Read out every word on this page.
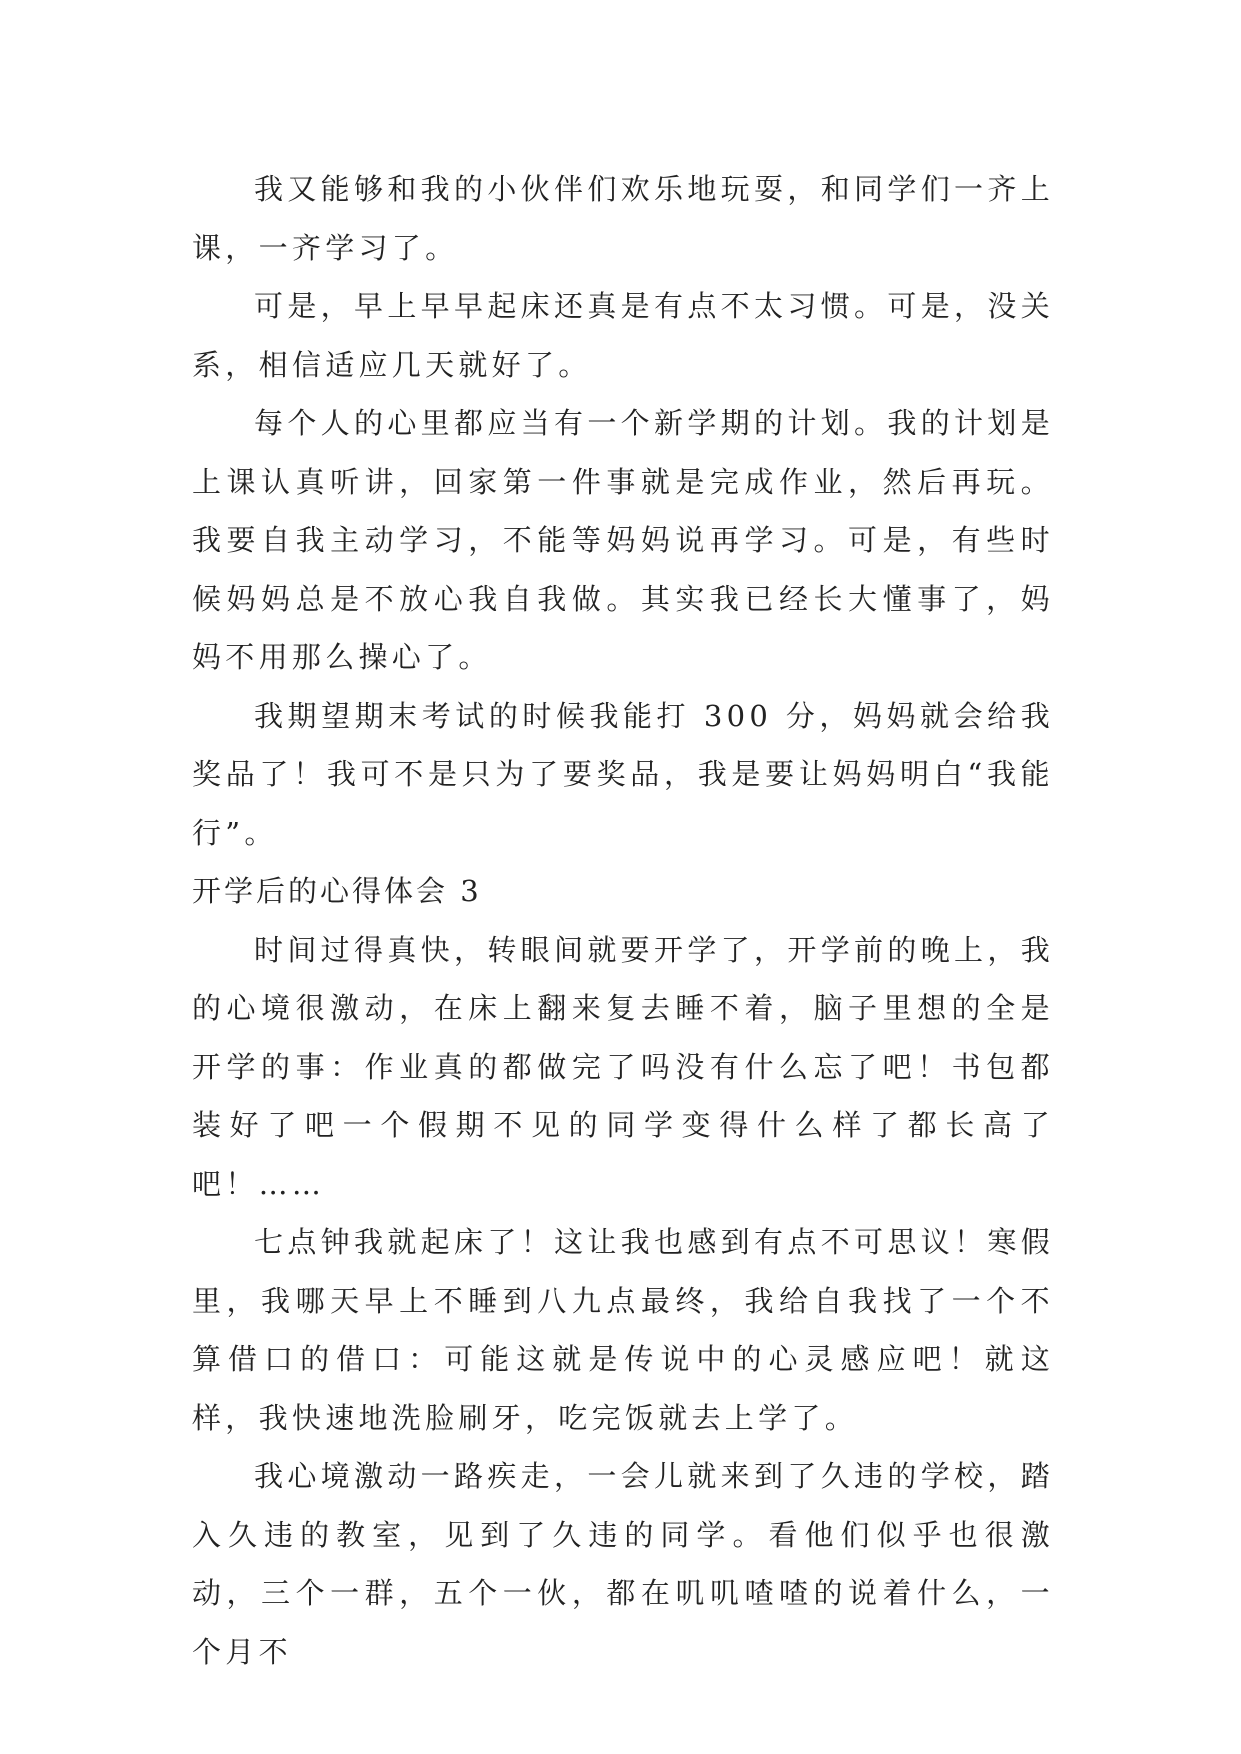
我又能够和我的小伙伴们欢乐地玩耍，和同学们一齐上课，一齐学习了。

可是，早上早早起床还真是有点不太习惯。可是，没关系，相信适应几天就好了。

每个人的心里都应当有一个新学期的计划。我的计划是上课认真听讲，回家第一件事就是完成作业，然后再玩。我要自我主动学习，不能等妈妈说再学习。可是，有些时候妈妈总是不放心我自我做。其实我已经长大懂事了，妈妈不用那么操心了。

我期望期末考试的时候我能打 300 分，妈妈就会给我奖品了！我可不是只为了要奖品，我是要让妈妈明白“我能行”。

开学后的心得体会 3

时间过得真快，转眼间就要开学了，开学前的晚上，我的心境很激动，在床上翻来复去睡不着，脑子里想的全是开学的事：作业真的都做完了吗没有什么忘了吧！书包都装好了吧一个假期不见的同学变得什么样了都长高了吧！……

七点钟我就起床了！这让我也感到有点不可思议！寒假里，我哪天早上不睡到八九点最终，我给自我找了一个不算借口的借口：可能这就是传说中的心灵感应吧！就这样，我快速地洗脸刷牙，吃完饭就去上学了。

我心境激动一路疾走，一会儿就来到了久违的学校，踏入久违的教室，见到了久违的同学。看他们似乎也很激动，三个一群，五个一伙，都在叽叽喳喳的说着什么，一个月不
